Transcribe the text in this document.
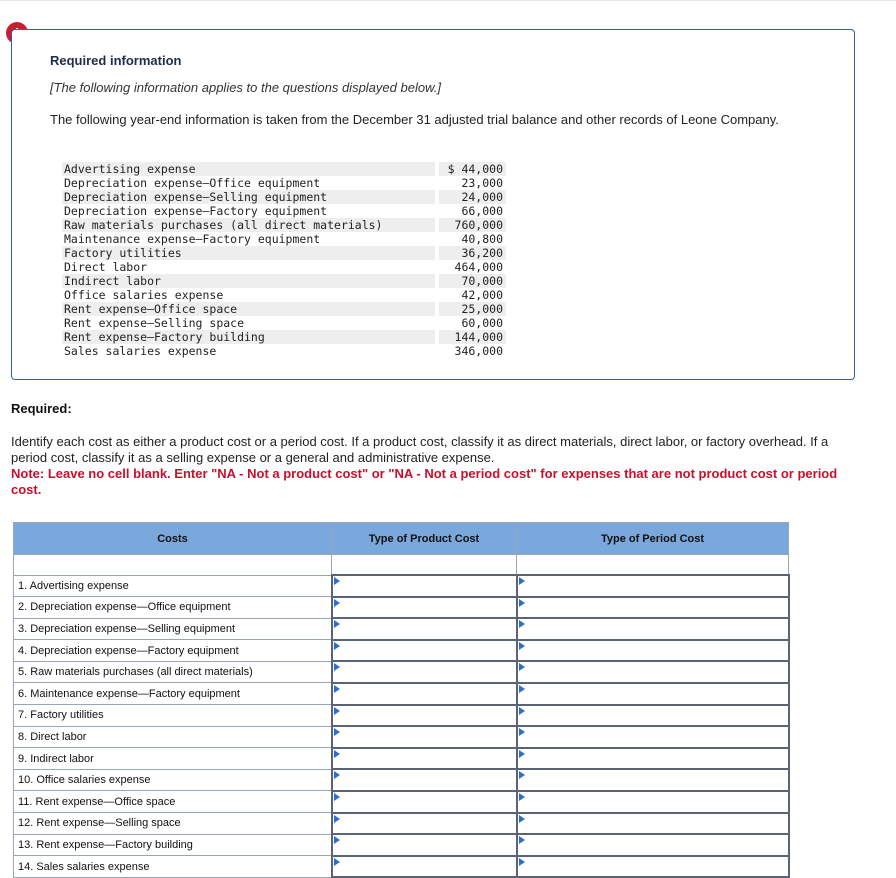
Required information
[The following information applies to the questions displayed below.]
The following year-end information is taken from the December 31 adjusted trial balance and other records of Leone Company.
Advertising expense	$ 44,000
Depreciation expense—Office equipment	23,000
Depreciation expense—Selling equipment	24,000
Depreciation expense—Factory equipment	66,000
Raw materials purchases (all direct materials)	760,000
Maintenance expense—Factory equipment	40,800
Factory utilities	36,200
Direct labor	464,000
Indirect labor	70,000
Office salaries expense	42,000
Rent expense—Office space	25,000
Rent expense—Selling space	60,000
Rent expense—Factory building	144,000
Sales salaries expense	346,000
Required:
Identify each cost as either a product cost or a period cost. If a product cost, classify it as direct materials, direct labor, or factory overhead. If a period cost, classify it as a selling expense or a general and administrative expense.
Note: Leave no cell blank. Enter "NA - Not a product cost" or "NA - Not a period cost" for expenses that are not product cost or period cost.
Costs	Type of Product Cost	Type of Period Cost

1. Advertising expense	

2. Depreciation expense—Office equipment	

3. Depreciation expense—Selling equipment	

4. Depreciation expense—Factory equipment	

5. Raw materials purchases (all direct materials)	

6. Maintenance expense—Factory equipment	

7. Factory utilities	

8. Direct labor	

9. Indirect labor	

10. Office salaries expense	

11. Rent expense—Office space	

12. Rent expense—Selling space	

13. Rent expense—Factory building	

14. Sales salaries expense	
